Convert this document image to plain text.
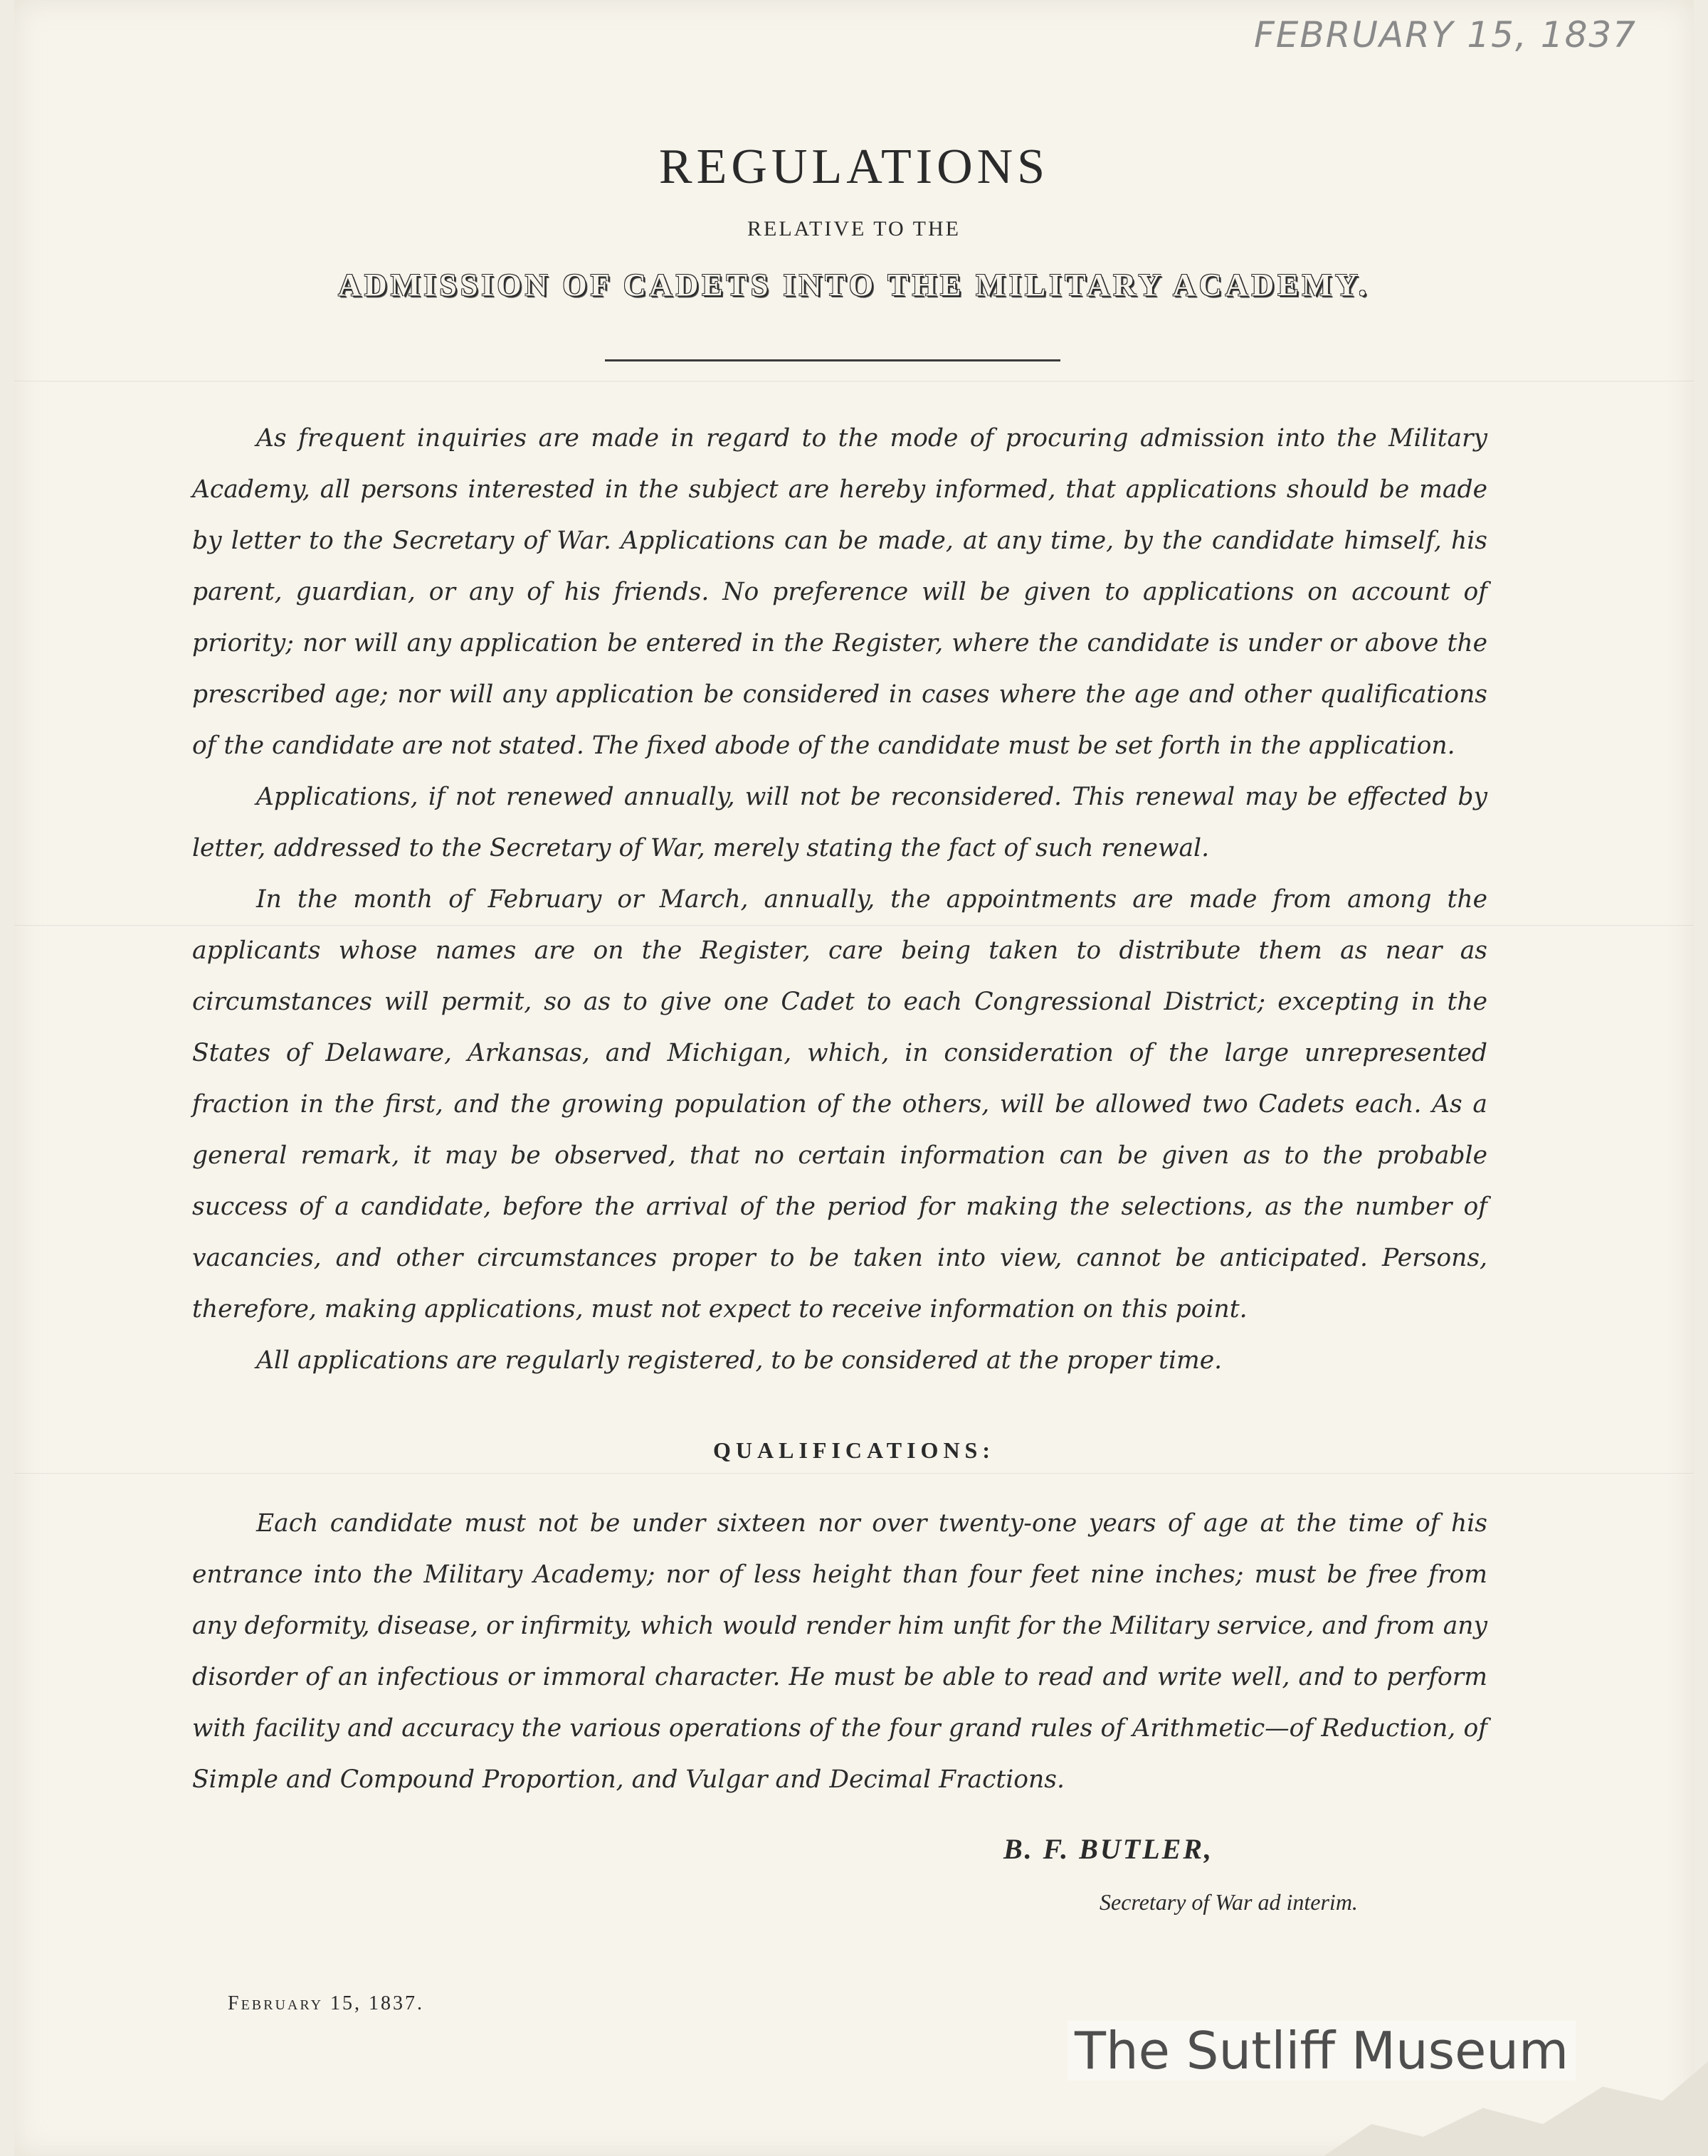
FEBRUARY 15, 1837
REGULATIONS
RELATIVE TO THE
ADMISSION OF CADETS INTO THE MILITARY ACADEMY.

As frequent inquiries are made in regard to the mode of procuring admission into the Military Academy, all persons interested in the subject are hereby informed, that applications should be made by letter to the Secretary of War. Applications can be made, at any time, by the candidate himself, his parent, guardian, or any of his friends. No preference will be given to applications on account of priority; nor will any application be entered in the Register, where the candidate is under or above the prescribed age; nor will any application be considered in cases where the age and other qualifications of the candidate are not stated. The fixed abode of the candidate must be set forth in the application.

Applications, if not renewed annually, will not be reconsidered. This renewal may be effected by letter, addressed to the Secretary of War, merely stating the fact of such renewal.

In the month of February or March, annually, the appointments are made from among the applicants whose names are on the Register, care being taken to distribute them as near as circumstances will permit, so as to give one Cadet to each Congressional District; excepting in the States of Delaware, Arkansas, and Michigan, which, in consideration of the large unrepresented fraction in the first, and the growing population of the others, will be allowed two Cadets each. As a general remark, it may be observed, that no certain information can be given as to the probable success of a candidate, before the arrival of the period for making the selections, as the number of vacancies, and other circumstances proper to be taken into view, cannot be anticipated. Persons, therefore, making applications, must not expect to receive information on this point.

All applications are regularly registered, to be considered at the proper time.

QUALIFICATIONS:

Each candidate must not be under sixteen nor over twenty-one years of age at the time of his entrance into the Military Academy; nor of less height than four feet nine inches; must be free from any deformity, disease, or infirmity, which would render him unfit for the Military service, and from any disorder of an infectious or immoral character. He must be able to read and write well, and to perform with facility and accuracy the various operations of the four grand rules of Arithmetic—of Reduction, of Simple and Compound Proportion, and Vulgar and Decimal Fractions.

B. F. BUTLER,
Secretary of War ad interim.
February 15, 1837.
The Sutliff Museum
